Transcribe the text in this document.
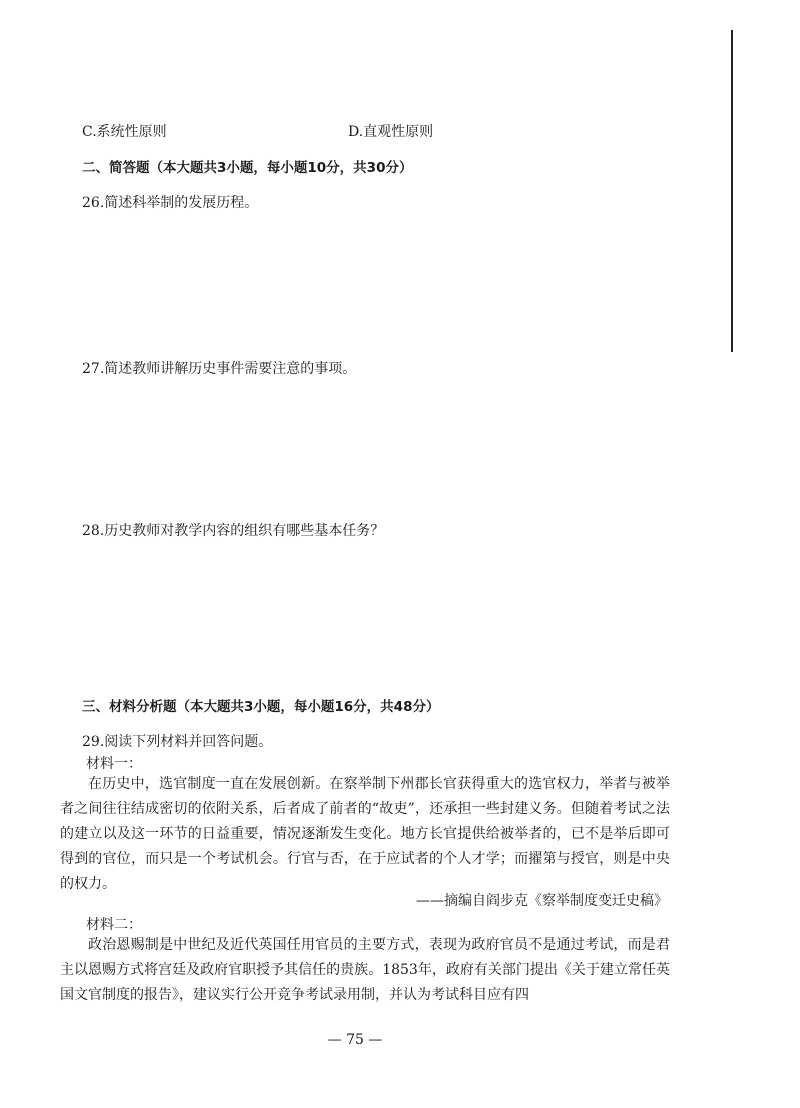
C.系统性原则	D.直观性原则
二、简答题（本大题共3小题，每小题10分，共30分）
26.简述科举制的发展历程。
27.简述教师讲解历史事件需要注意的事项。
28.历史教师对教学内容的组织有哪些基本任务？
三、材料分析题（本大题共3小题，每小题16分，共48分）
29.阅读下列材料并回答问题。
材料一：

在历史中，选官制度一直在发展创新。在察举制下州郡长官获得重大的选官权力，举者与被举者之间往往结成密切的依附关系，后者成了前者的“故吏”，还承担一些封建义务。但随着考试之法的建立以及这一环节的日益重要，情况逐渐发生变化。地方长官提供给被举者的，已不是举后即可得到的官位，而只是一个考试机会。行官与否，在于应试者的个人才学；而擢第与授官，则是中央的权力。

——摘编自阎步克《察举制度变迁史稿》
材料二：

政治恩赐制是中世纪及近代英国任用官员的主要方式，表现为政府官员不是通过考试，而是君主以恩赐方式将宫廷及政府官职授予其信任的贵族。1853年，政府有关部门提出《关于建立常任英国文官制度的报告》，建议实行公开竞争考试录用制，并认为考试科目应有四

— 75 —
